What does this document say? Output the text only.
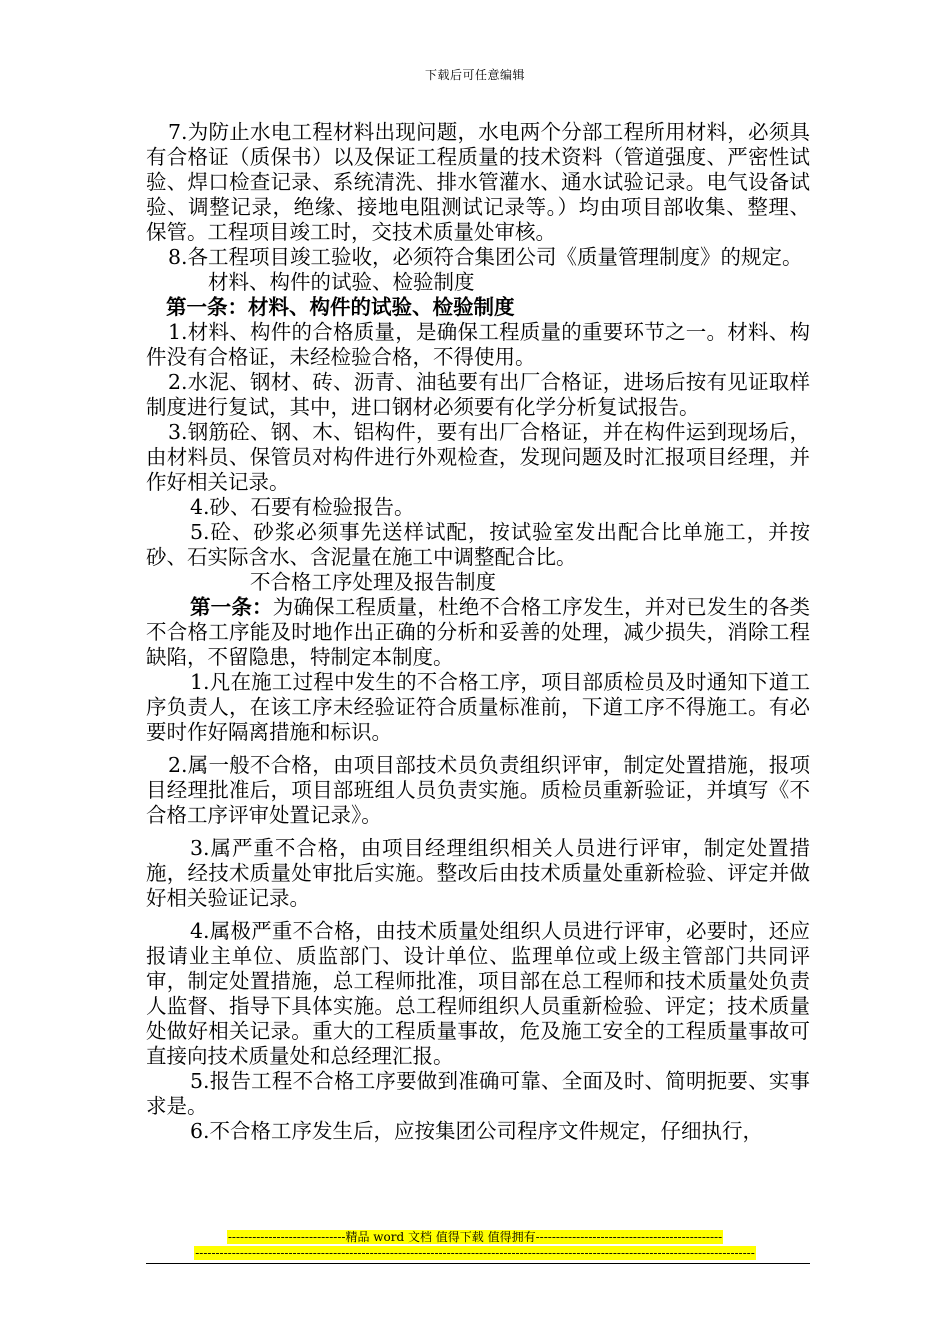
下载后可任意编辑

7.为防止水电工程材料出现问题，水电两个分部工程所用材料，必须具有合格证（质保书）以及保证工程质量的技术资料（管道强度、严密性试验、焊口检查记录、系统清洗、排水管灌水、通水试验记录。电气设备试验、调整记录，绝缘、接地电阻测试记录等。）均由项目部收集、整理、保管。工程项目竣工时，交技术质量处审核。

8.各工程项目竣工验收，必须符合集团公司《质量管理制度》的规定。

材料、构件的试验、检验制度

第一条：材料、构件的试验、检验制度

1.材料、构件的合格质量，是确保工程质量的重要环节之一。材料、构件没有合格证，未经检验合格，不得使用。

2.水泥、钢材、砖、沥青、油毡要有出厂合格证，进场后按有见证取样制度进行复试，其中，进口钢材必须要有化学分析复试报告。

3.钢筋砼、钢、木、铝构件，要有出厂合格证，并在构件运到现场后，由材料员、保管员对构件进行外观检查，发现问题及时汇报项目经理，并作好相关记录。

4.砂、石要有检验报告。

5.砼、砂浆必须事先送样试配，按试验室发出配合比单施工，并按砂、石实际含水、含泥量在施工中调整配合比。

不合格工序处理及报告制度

第一条：为确保工程质量，杜绝不合格工序发生，并对已发生的各类不合格工序能及时地作出正确的分析和妥善的处理，减少损失，消除工程缺陷，不留隐患，特制定本制度。

1.凡在施工过程中发生的不合格工序，项目部质检员及时通知下道工序负责人，在该工序未经验证符合质量标准前，下道工序不得施工。有必要时作好隔离措施和标识。

2.属一般不合格，由项目部技术员负责组织评审，制定处置措施，报项目经理批准后，项目部班组人员负责实施。质检员重新验证，并填写《不合格工序评审处置记录》。

3.属严重不合格，由项目经理组织相关人员进行评审，制定处置措施，经技术质量处审批后实施。整改后由技术质量处重新检验、评定并做好相关验证记录。

4.属极严重不合格，由技术质量处组织人员进行评审，必要时，还应报请业主单位、质监部门、设计单位、监理单位或上级主管部门共同评审，制定处置措施，总工程师批准，项目部在总工程师和技术质量处负责人监督、指导下具体实施。总工程师组织人员重新检验、评定；技术质量处做好相关记录。重大的工程质量事故，危及施工安全的工程质量事故可直接向技术质量处和总经理汇报。

5.报告工程不合格工序要做到准确可靠、全面及时、简明扼要、实事求是。

6.不合格工序发生后，应按集团公司程序文件规定，仔细执行，

-----------------------------精品 word 文档 值得下载 值得拥有----------------------------------------------
------------------------------------------------------------------------------------------------------------------------------------------
